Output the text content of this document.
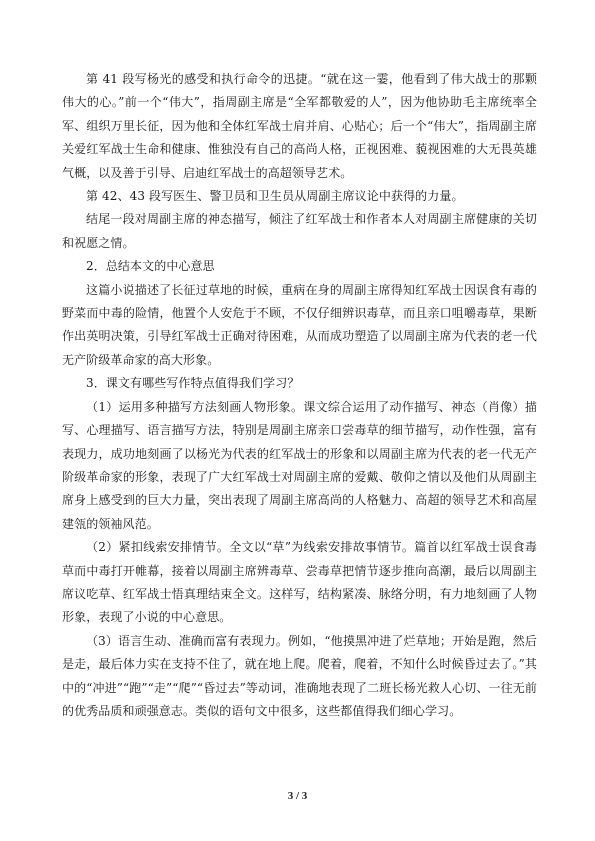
第 41 段写杨光的感受和执行命令的迅捷。“就在这一霎，他看到了伟大战士的那颗伟大的心。”前一个“伟大”，指周副主席是“全军都敬爱的人”，因为他协助毛主席统率全军、组织万里长征，因为他和全体红军战士肩并肩、心贴心；后一个“伟大”，指周副主席关爱红军战士生命和健康、惟独没有自己的高尚人格，正视困难、藐视困难的大无畏英雄气概，以及善于引导、启迪红军战士的高超领导艺术。

第 42、43 段写医生、警卫员和卫生员从周副主席议论中获得的力量。

结尾一段对周副主席的神态描写，倾注了红军战士和作者本人对周副主席健康的关切和祝愿之情。

2．总结本文的中心意思

这篇小说描述了长征过草地的时候，重病在身的周副主席得知红军战士因误食有毒的野菜而中毒的险情，他置个人安危于不顾，不仅仔细辨识毒草，而且亲口咀嚼毒草，果断作出英明决策，引导红军战士正确对待困难，从而成功塑造了以周副主席为代表的老一代无产阶级革命家的高大形象。

3．课文有哪些写作特点值得我们学习？

（1）运用多种描写方法刻画人物形象。课文综合运用了动作描写、神态（肖像）描写、心理描写、语言描写方法，特别是周副主席亲口尝毒草的细节描写，动作性强，富有表现力，成功地刻画了以杨光为代表的红军战士的形象和以周副主席为代表的老一代无产阶级革命家的形象，表现了广大红军战士对周副主席的爱戴、敬仰之情以及他们从周副主席身上感受到的巨大力量，突出表现了周副主席高尚的人格魅力、高超的领导艺术和高屋建瓴的领袖风范。

（2）紧扣线索安排情节。全文以“草”为线索安排故事情节。篇首以红军战士误食毒草而中毒打开帷幕，接着以周副主席辨毒草、尝毒草把情节逐步推向高潮，最后以周副主席议吃草、红军战士悟真理结束全文。这样写，结构紧凑、脉络分明，有力地刻画了人物形象，表现了小说的中心意思。

（3）语言生动、准确而富有表现力。例如，“他摸黑冲进了烂草地；开始是跑，然后是走，最后体力实在支持不住了，就在地上爬。爬着，爬着，不知什么时候昏过去了。”其中的“冲进”“跑”“走”“爬”“昏过去”等动词，准确地表现了二班长杨光救人心切、一往无前的优秀品质和顽强意志。类似的语句文中很多，这些都值得我们细心学习。

3 / 3
